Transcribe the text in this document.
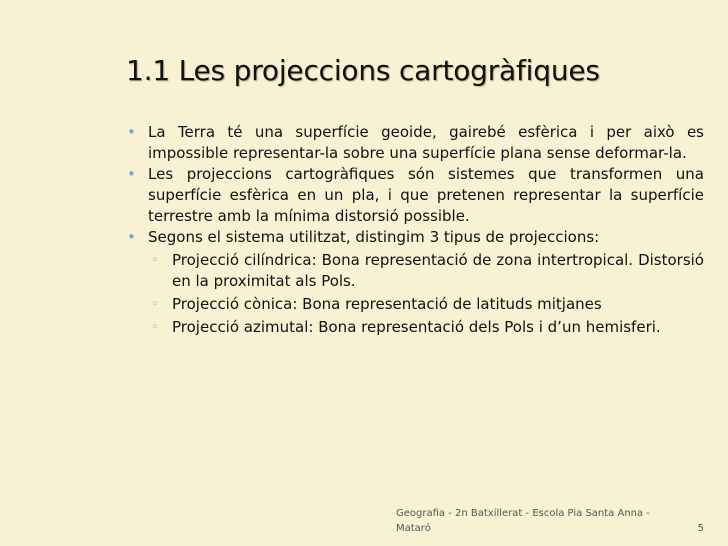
1.1 Les projeccions cartogràfiques
• La Terra té una superfície geoide, gairebé esfèrica i per això es impossible representar-la sobre una superfície plana sense deformar-la.
• Les projeccions cartogràfiques són sistemes que transformen una superfície esfèrica en un pla, i que pretenen representar la superfície terrestre amb la mínima distorsió possible.
• Segons el sistema utilitzat, distingim 3 tipus de projeccions:
◦ Projecció cilíndrica: Bona representació de zona intertropical. Distorsió en la proximitat als Pols.
◦ Projecció cònica: Bona representació de latituds mitjanes
◦ Projecció azimutal: Bona representació dels Pols i d’un hemisferi.
Geografia - 2n Batxillerat - Escola Pia Santa Anna - Mataró	5
